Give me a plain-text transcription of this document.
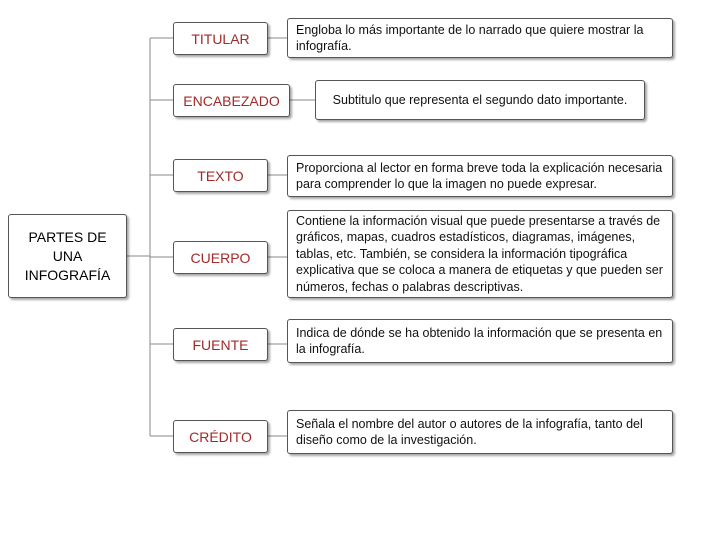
PARTES DE
UNA
INFOGRAFÍA
TITULAR
Engloba lo más importante de lo narrado que quiere mostrar la infografía.
ENCABEZADO	Subtitulo que representa el segundo dato importante.
TEXTO	Proporciona al lector en forma breve toda la explicación necesaria para comprender lo que la imagen no puede expresar.
CUERPO
Contiene la información visual que puede presentarse a través de gráficos, mapas, cuadros estadísticos, diagramas, imágenes, tablas, etc. También, se considera la información tipográfica explicativa que se coloca a manera de etiquetas y que pueden ser números, fechas o palabras descriptivas.
FUENTE
Indica de dónde se ha obtenido la información que se presenta en la infografía.
CRÉDITO
Señala el nombre del autor o autores de la infografía, tanto del diseño como de la investigación.
